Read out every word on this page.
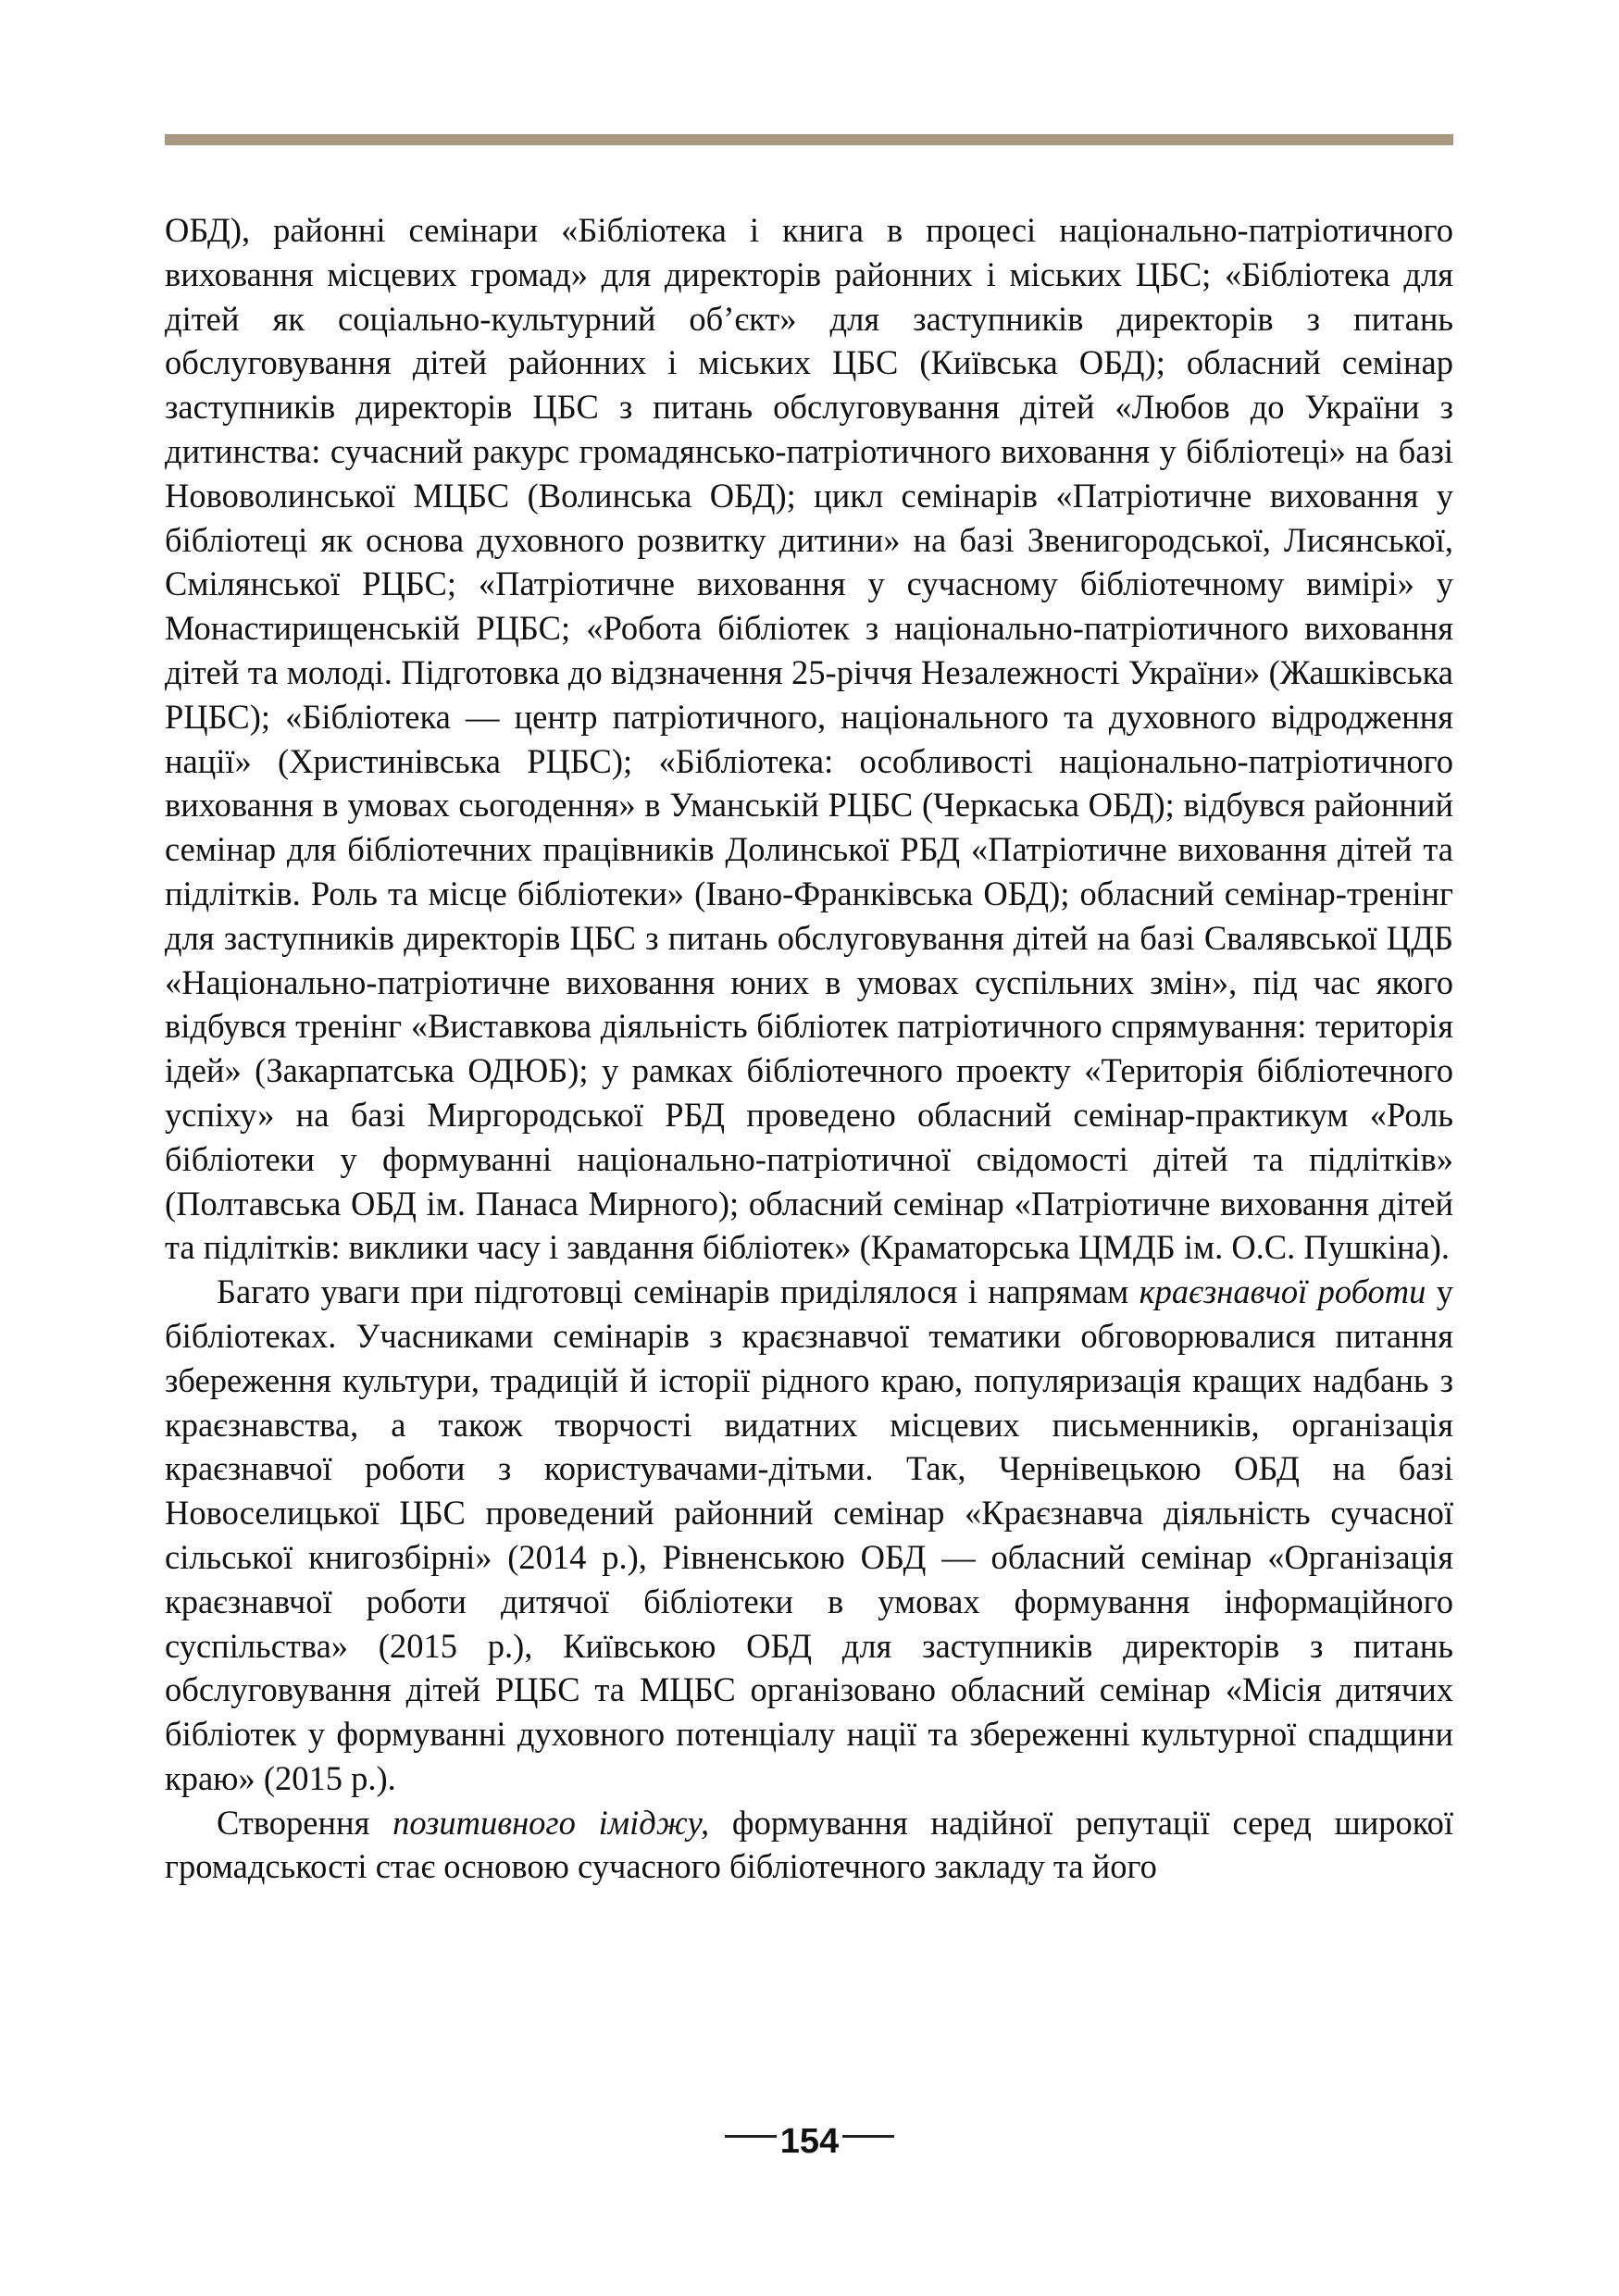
ОБД), районні семінари «Бібліотека і книга в процесі національно-патріотичного виховання місцевих громад» для директорів районних і міських ЦБС; «Бібліотека для дітей як соціально-культурний об’єкт» для заступників директорів з питань обслуговування дітей районних і міських ЦБС (Київська ОБД); обласний семінар заступників директорів ЦБС з питань обслуговування дітей «Любов до України з дитинства: сучасний ракурс громадянсько-патріотичного виховання у бібліотеці» на базі Нововолинської МЦБС (Волинська ОБД); цикл семінарів «Патріотичне виховання у бібліотеці як основа духовного розвитку дитини» на базі Звенигородської, Лисянської, Смілянської РЦБС; «Патріотичне виховання у сучасному бібліотечному вимірі» у Монастирищенській РЦБС; «Робота бібліотек з національно-патріотичного виховання дітей та молоді. Підготовка до відзначення 25-річчя Незалежності України» (Жашківська РЦБС); «Бібліотека — центр патріотичного, національного та духовного відродження нації» (Христинівська РЦБС); «Бібліотека: особливості національно-патріотичного виховання в умовах сьогодення» в Уманській РЦБС (Черкаська ОБД); відбувся районний семінар для бібліотечних працівників Долинської РБД «Патріотичне виховання дітей та підлітків. Роль та місце бібліотеки» (Івано-Франківська ОБД); обласний семінар-тренінг для заступників директорів ЦБС з питань обслуговування дітей на базі Свалявської ЦДБ «Національно-патріотичне виховання юних в умовах суспільних змін», під час якого відбувся тренінг «Виставкова діяльність бібліотек патріотичного спрямування: територія ідей» (Закарпатська ОДЮБ); у рамках бібліотечного проекту «Територія бібліотечного успіху» на базі Миргородської РБД проведено обласний семінар-практикум «Роль бібліотеки у формуванні національно-патріотичної свідомості дітей та підлітків» (Полтавська ОБД ім. Панаса Мирного); обласний семінар «Патріотичне виховання дітей та підлітків: виклики часу і завдання бібліотек» (Краматорська ЦМДБ ім. О.С. Пушкіна).

Багато уваги при підготовці семінарів приділялося і напрямам краєзнавчої роботи у бібліотеках. Учасниками семінарів з краєзнавчої тематики обговорювалися питання збереження культури, традицій й історії рідного краю, популяризація кращих надбань з краєзнавства, а також творчості видатних місцевих письменників, організація краєзнавчої роботи з користувачами-дітьми. Так, Чернівецькою ОБД на базі Новоселицької ЦБС проведений районний семінар «Краєзнавча діяльність сучасної сільської книгозбірні» (2014 р.), Рівненською ОБД — обласний семінар «Організація краєзнавчої роботи дитячої бібліотеки в умовах формування інформаційного суспільства» (2015 р.), Київською ОБД для заступників директорів з питань обслуговування дітей РЦБС та МЦБС організовано обласний семінар «Місія дитячих бібліотек у формуванні духовного потенціалу нації та збереженні культурної спадщини краю» (2015 р.).

Створення позитивного іміджу, формування надійної репутації серед широкої громадськості стає основою сучасного бібліотечного закладу та його

154
